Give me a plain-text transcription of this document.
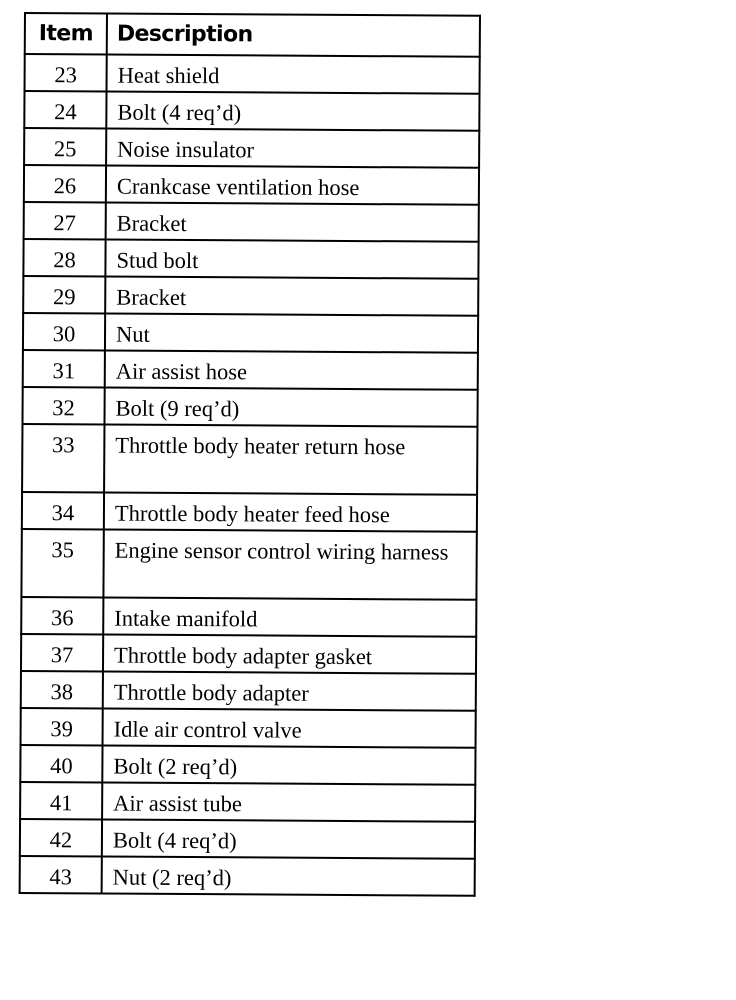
Item	Description
23	Heat shield
24	Bolt (4 req’d)
25	Noise insulator
26	Crankcase ventilation hose
27	Bracket
28	Stud bolt
29	Bracket
30	Nut
31	Air assist hose
32	Bolt (9 req’d)
33	Throttle body heater return hose
34	Throttle body heater feed hose
35	Engine sensor control wiring harness
36	Intake manifold
37	Throttle body adapter gasket
38	Throttle body adapter
39	Idle air control valve
40	Bolt (2 req’d)
41	Air assist tube
42	Bolt (4 req’d)
43	Nut (2 req’d)
